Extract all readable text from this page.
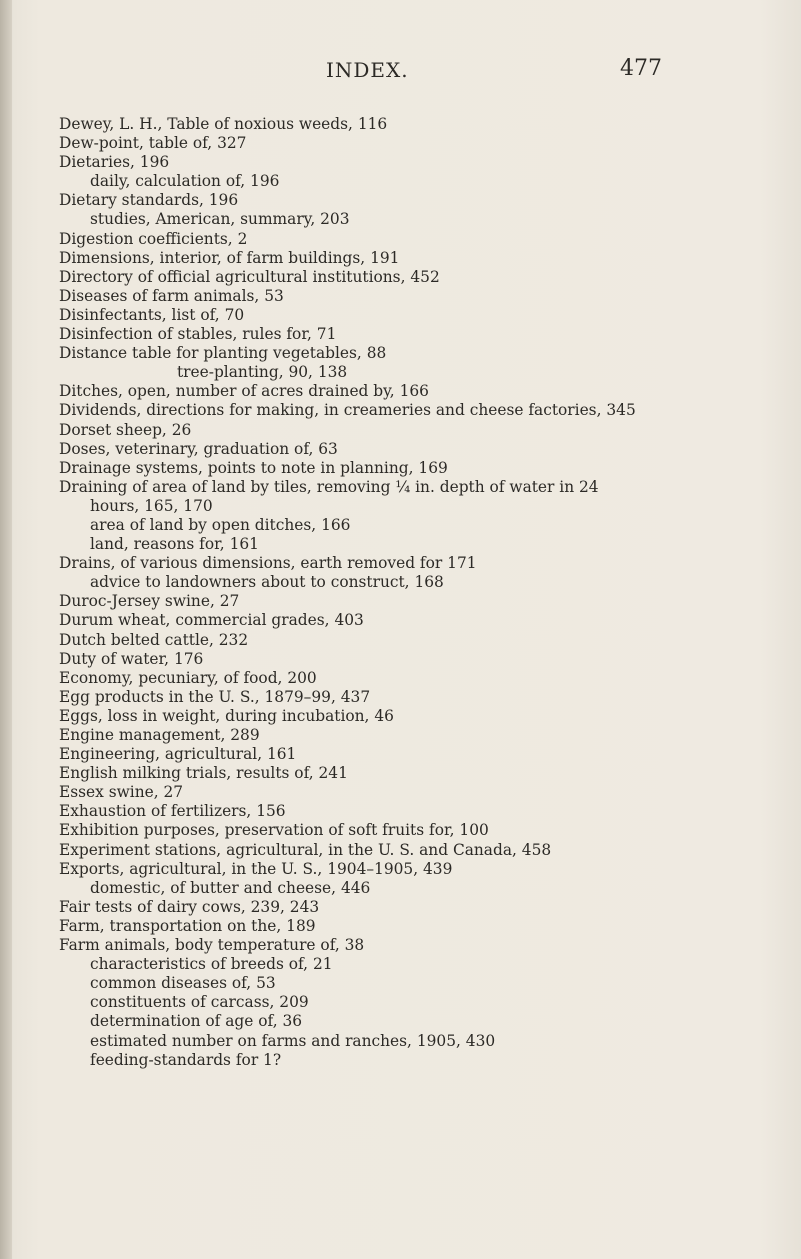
INDEX.	477
Dewey, L. H., Table of noxious weeds, 116
Dew-point, table of, 327
Dietaries, 196
daily, calculation of, 196
Dietary standards, 196
studies, American, summary, 203
Digestion coefficients, 2
Dimensions, interior, of farm buildings, 191
Directory of official agricultural institutions, 452
Diseases of farm animals, 53
Disinfectants, list of, 70
Disinfection of stables, rules for, 71
Distance table for planting vegetables, 88
tree-planting, 90, 138
Ditches, open, number of acres drained by, 166
Dividends, directions for making, in creameries and cheese factories, 345
Dorset sheep, 26
Doses, veterinary, graduation of, 63
Drainage systems, points to note in planning, 169
Draining of area of land by tiles, removing ¼ in. depth of water in 24
hours, 165, 170
area of land by open ditches, 166
land, reasons for, 161
Drains, of various dimensions, earth removed for 171
advice to landowners about to construct, 168
Duroc-Jersey swine, 27
Durum wheat, commercial grades, 403
Dutch belted cattle, 232
Duty of water, 176
Economy, pecuniary, of food, 200
Egg products in the U. S., 1879–99, 437
Eggs, loss in weight, during incubation, 46
Engine management, 289
Engineering, agricultural, 161
English milking trials, results of, 241
Essex swine, 27
Exhaustion of fertilizers, 156
Exhibition purposes, preservation of soft fruits for, 100
Experiment stations, agricultural, in the U. S. and Canada, 458
Exports, agricultural, in the U. S., 1904–1905, 439
domestic, of butter and cheese, 446
Fair tests of dairy cows, 239, 243
Farm, transportation on the, 189
Farm animals, body temperature of, 38
characteristics of breeds of, 21
common diseases of, 53
constituents of carcass, 209
determination of age of, 36
estimated number on farms and ranches, 1905, 430
feeding-standards for 1?
